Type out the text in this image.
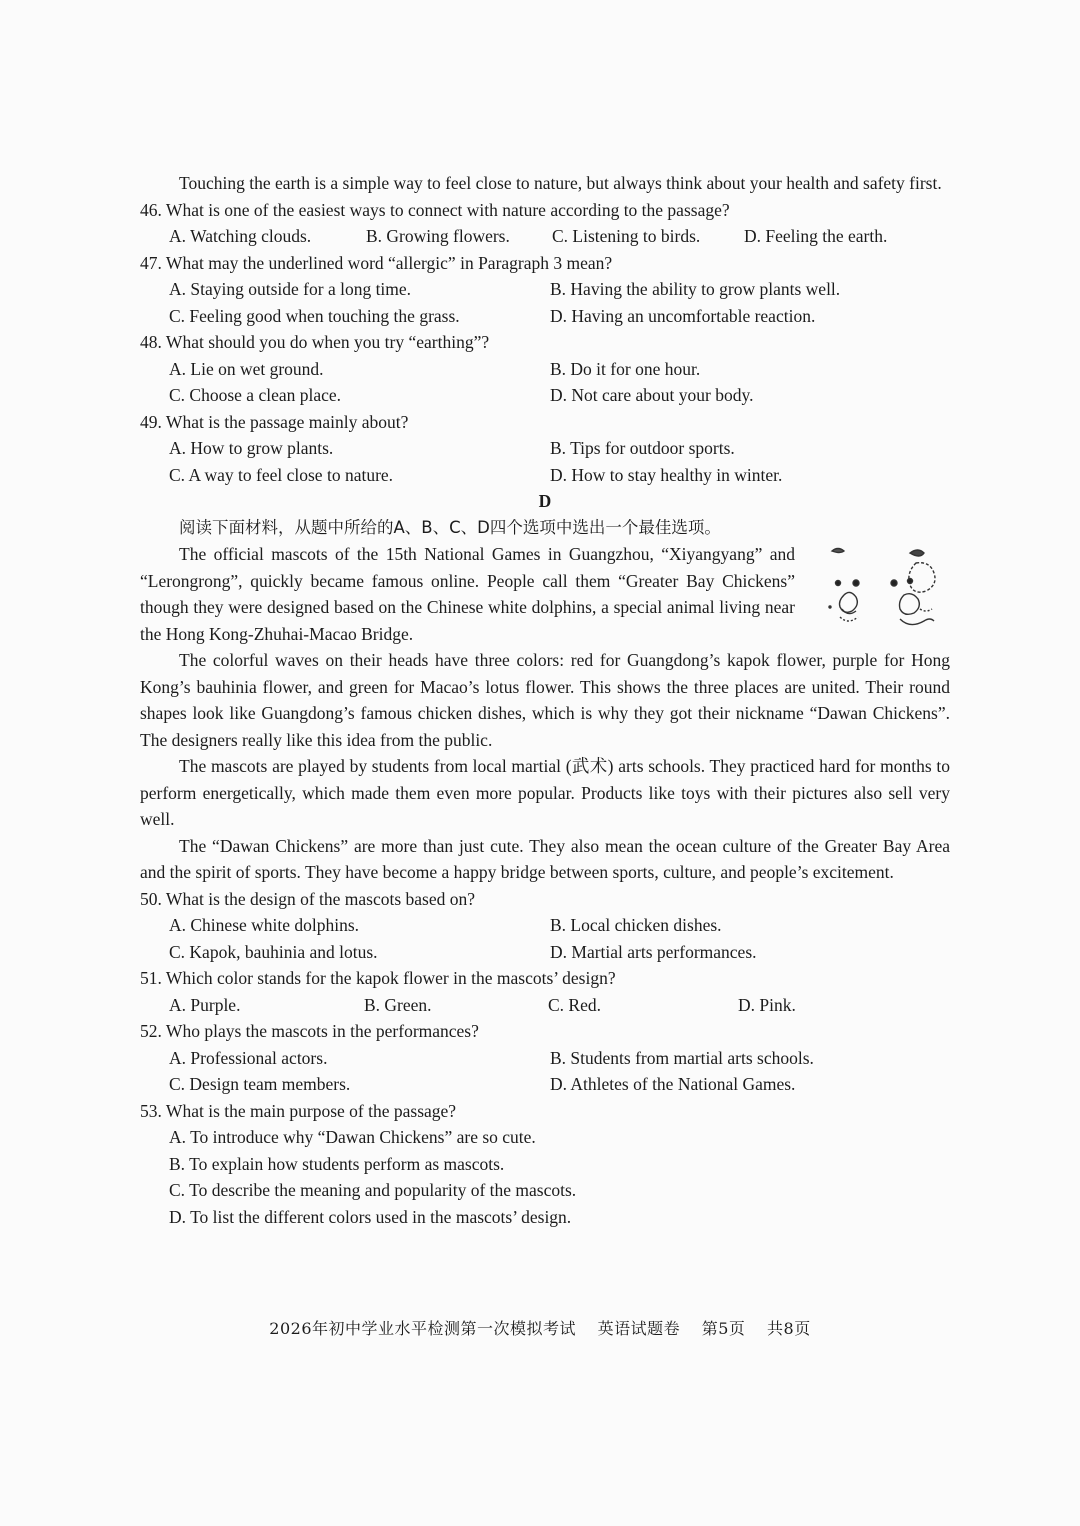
Touching the earth is a simple way to feel close to nature, but always think about your health and safety first.

46. What is one of the easiest ways to connect with nature according to the passage?

A. Watching clouds.	B. Growing flowers.	C. Listening to birds.	D. Feeling the earth.

47. What may the underlined word “allergic” in Paragraph 3 mean?

A. Staying outside for a long time.	B. Having the ability to grow plants well.
C. Feeling good when touching the grass.	D. Having an uncomfortable reaction.

48. What should you do when you try “earthing”?

A. Lie on wet ground.	B. Do it for one hour.
C. Choose a clean place.	D. Not care about your body.

49. What is the passage mainly about?

A. How to grow plants.	B. Tips for outdoor sports.
C. A way to feel close to nature.	D. How to stay healthy in winter.

D

阅读下面材料，从题中所给的A、B、C、D四个选项中选出一个最佳选项。

The official mascots of the 15th National Games in Guangzhou, “Xiyangyang” and “Lerongrong”, quickly became famous online. People call them “Greater Bay Chickens” though they were designed based on the Chinese white dolphins, a special animal living near the Hong Kong-Zhuhai-Macao Bridge.

The colorful waves on their heads have three colors: red for Guangdong’s kapok flower, purple for Hong Kong’s bauhinia flower, and green for Macao’s lotus flower. This shows the three places are united. Their round shapes look like Guangdong’s famous chicken dishes, which is why they got their nickname “Dawan Chickens”. The designers really like this idea from the public.

The mascots are played by students from local martial (武术) arts schools. They practiced hard for months to perform energetically, which made them even more popular. Products like toys with their pictures also sell very well.

The “Dawan Chickens” are more than just cute. They also mean the ocean culture of the Greater Bay Area and the spirit of sports. They have become a happy bridge between sports, culture, and people’s excitement.

50. What is the design of the mascots based on?

A. Chinese white dolphins.	B. Local chicken dishes.
C. Kapok, bauhinia and lotus.	D. Martial arts performances.

51. Which color stands for the kapok flower in the mascots’ design?

A. Purple.	B. Green.	C. Red.	D. Pink.

52. Who plays the mascots in the performances?

A. Professional actors.	B. Students from martial arts schools.
C. Design team members.	D. Athletes of the National Games.

53. What is the main purpose of the passage?

A. To introduce why “Dawan Chickens” are so cute.

B. To explain how students perform as mascots.

C. To describe the meaning and popularity of the mascots.

D. To list the different colors used in the mascots’ design.

2026年初中学业水平检测第一次模拟考试 英语试题卷 第5页 共8页
